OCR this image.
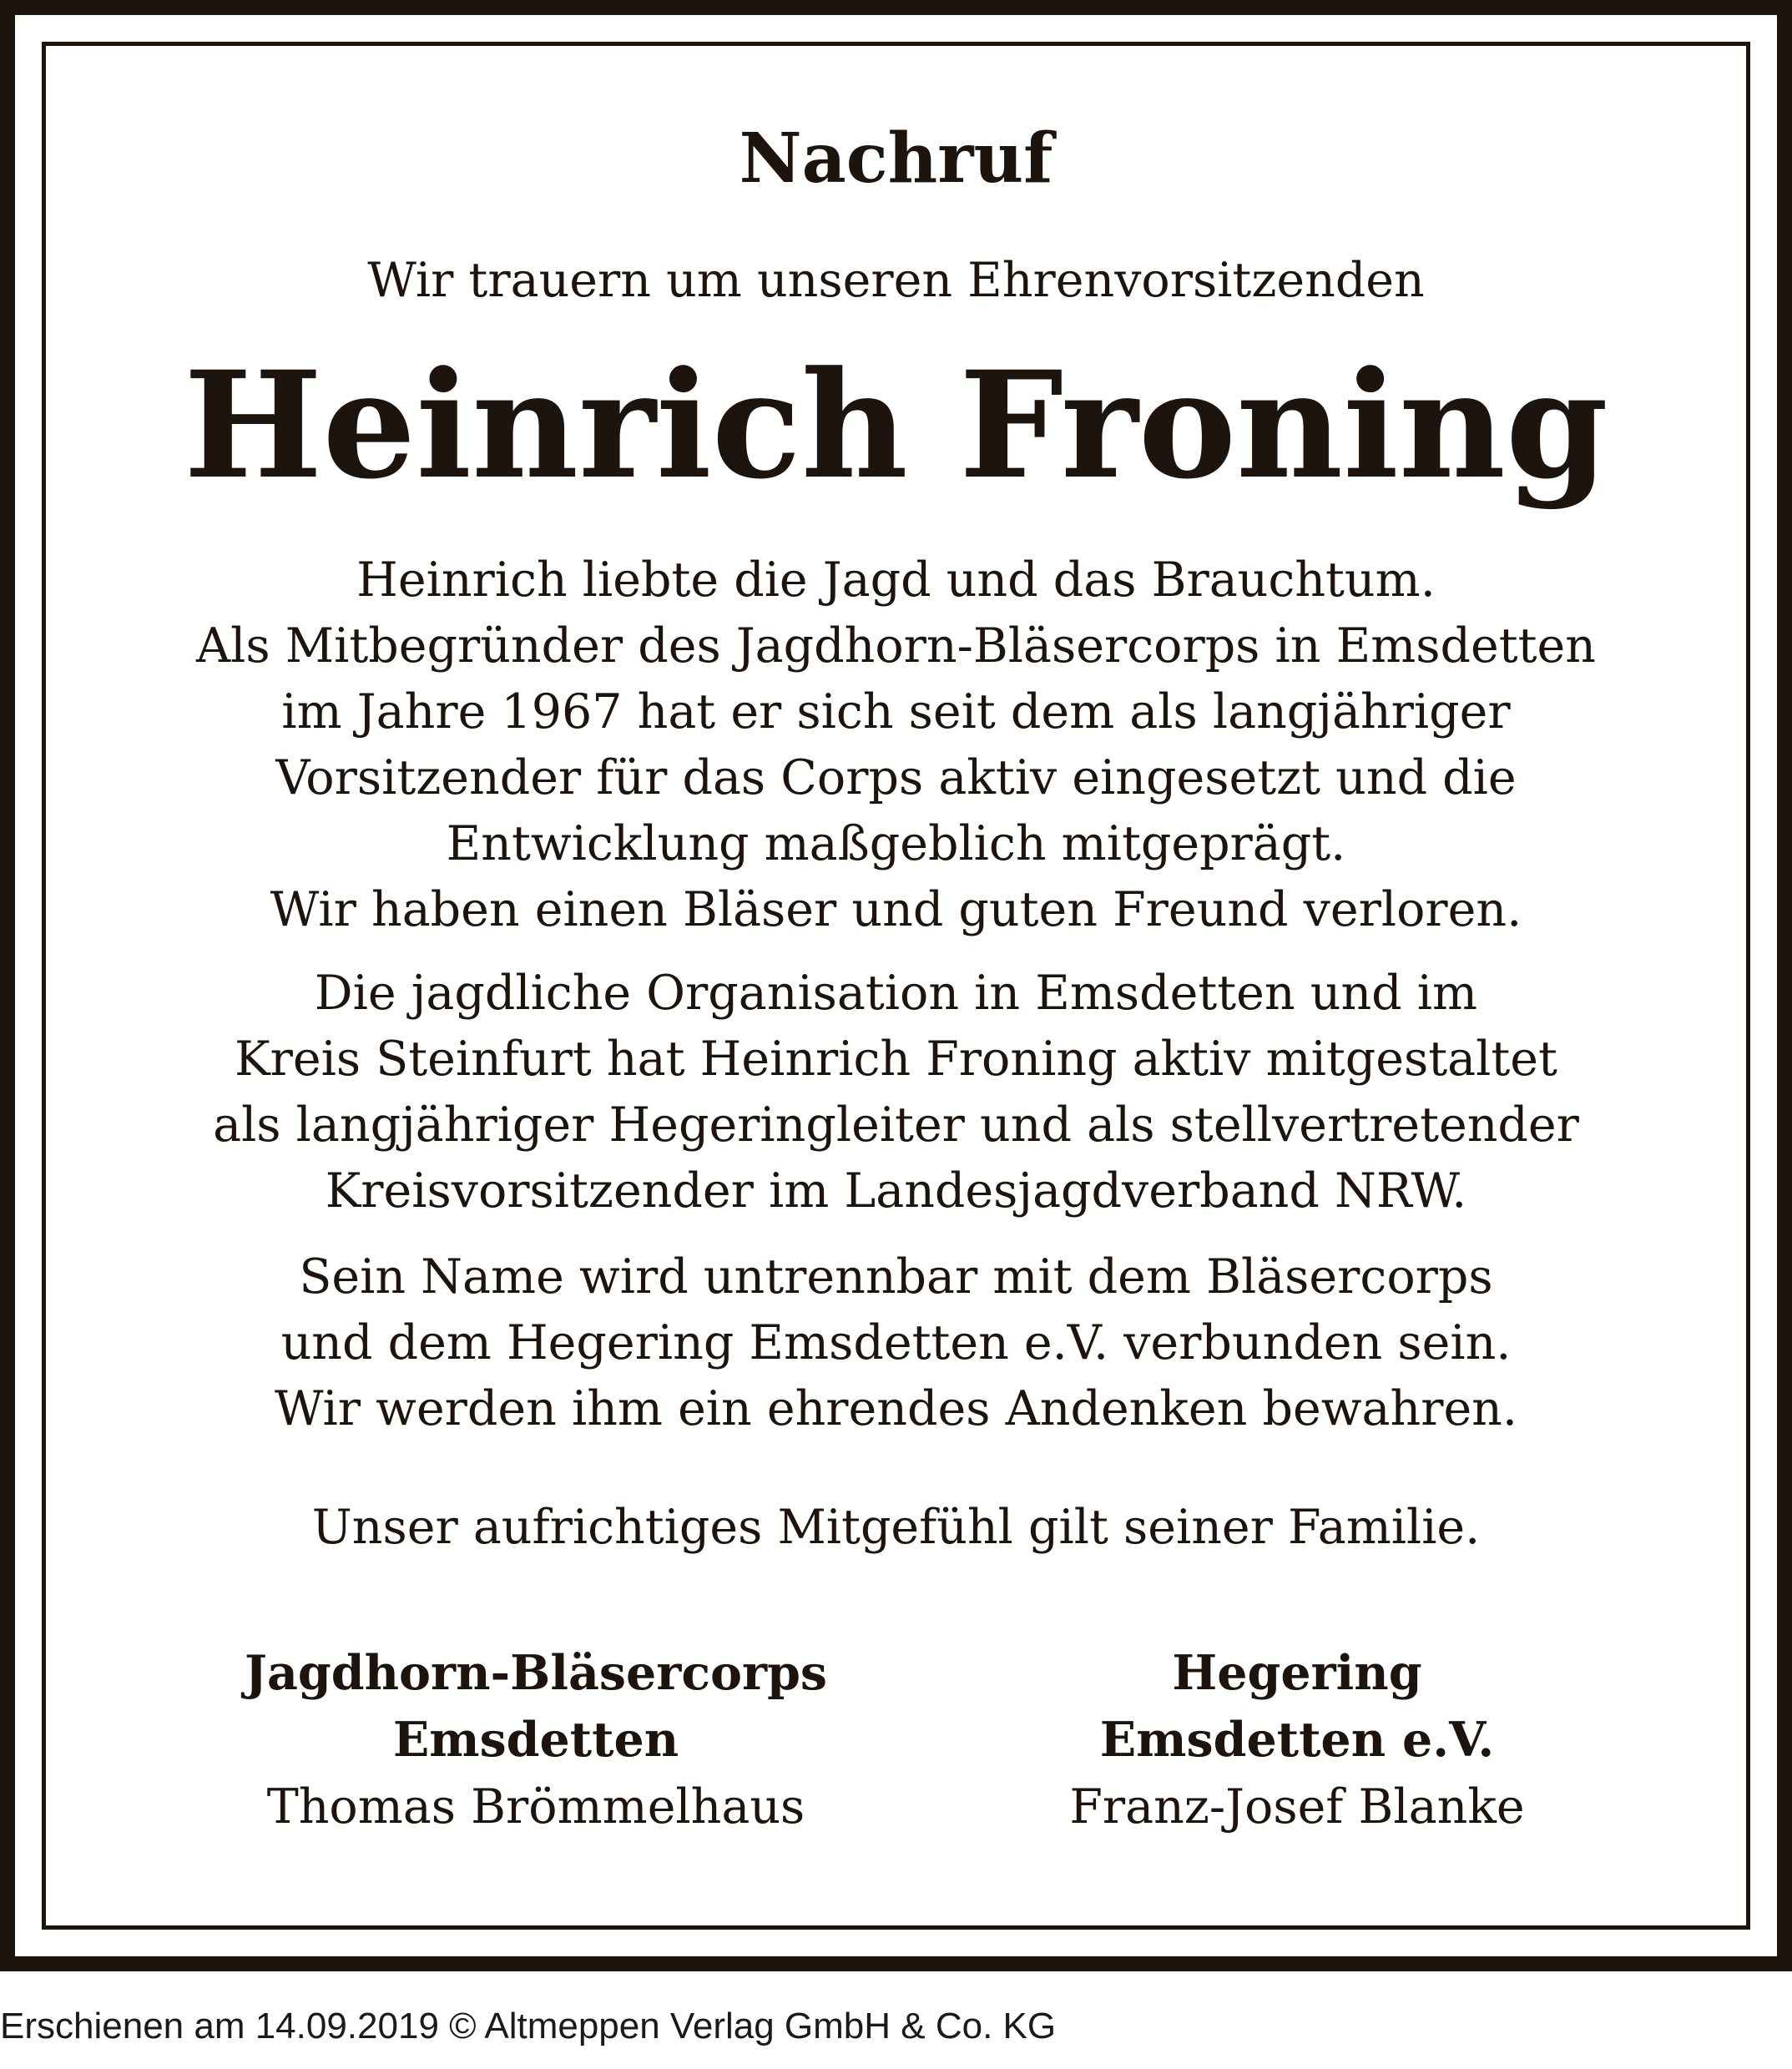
Nachruf
Wir trauern um unseren Ehrenvorsitzenden
Heinrich Froning
Heinrich liebte die Jagd und das Brauchtum.
Als Mitbegründer des Jagdhorn-Bläsercorps in Emsdetten
im Jahre 1967 hat er sich seit dem als langjähriger
Vorsitzender für das Corps aktiv eingesetzt und die
Entwicklung maßgeblich mitgeprägt.
Wir haben einen Bläser und guten Freund verloren.
Die jagdliche Organisation in Emsdetten und im
Kreis Steinfurt hat Heinrich Froning aktiv mitgestaltet
als langjähriger Hegeringleiter und als stellvertretender
Kreisvorsitzender im Landesjagdverband NRW.
Sein Name wird untrennbar mit dem Bläsercorps
und dem Hegering Emsdetten e.V. verbunden sein.
Wir werden ihm ein ehrendes Andenken bewahren.
Unser aufrichtiges Mitgefühl gilt seiner Familie.
Jagdhorn-Bläsercorps
Emsdetten
Thomas Brömmelhaus
Hegering
Emsdetten e.V.
Franz-Josef Blanke
Erschienen am 14.09.2019 © Altmeppen Verlag GmbH & Co. KG
